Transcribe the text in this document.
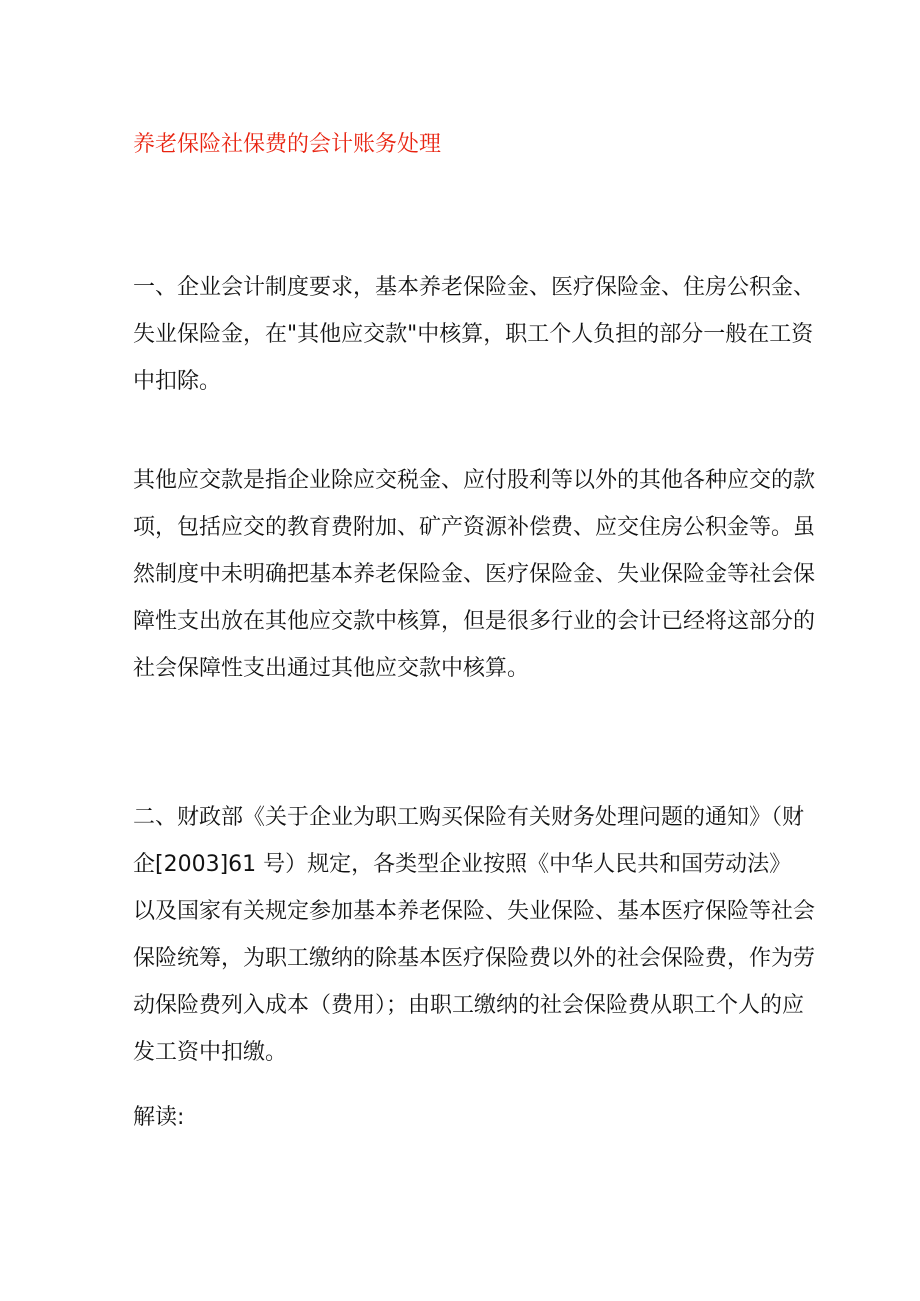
养老保险社保费的会计账务处理

一、企业会计制度要求，基本养老保险金、医疗保险金、住房公积金、
失业保险金，在"其他应交款"中核算，职工个人负担的部分一般在工资
中扣除。

其他应交款是指企业除应交税金、应付股利等以外的其他各种应交的款
项，包括应交的教育费附加、矿产资源补偿费、应交住房公积金等。虽
然制度中未明确把基本养老保险金、医疗保险金、失业保险金等社会保
障性支出放在其他应交款中核算，但是很多行业的会计已经将这部分的
社会保障性支出通过其他应交款中核算。

二、财政部《关于企业为职工购买保险有关财务处理问题的通知》（财
企[2003]61 号）规定，各类型企业按照《中华人民共和国劳动法》
以及国家有关规定参加基本养老保险、失业保险、基本医疗保险等社会
保险统筹，为职工缴纳的除基本医疗保险费以外的社会保险费，作为劳
动保险费列入成本（费用）；由职工缴纳的社会保险费从职工个人的应
发工资中扣缴。

解读:
